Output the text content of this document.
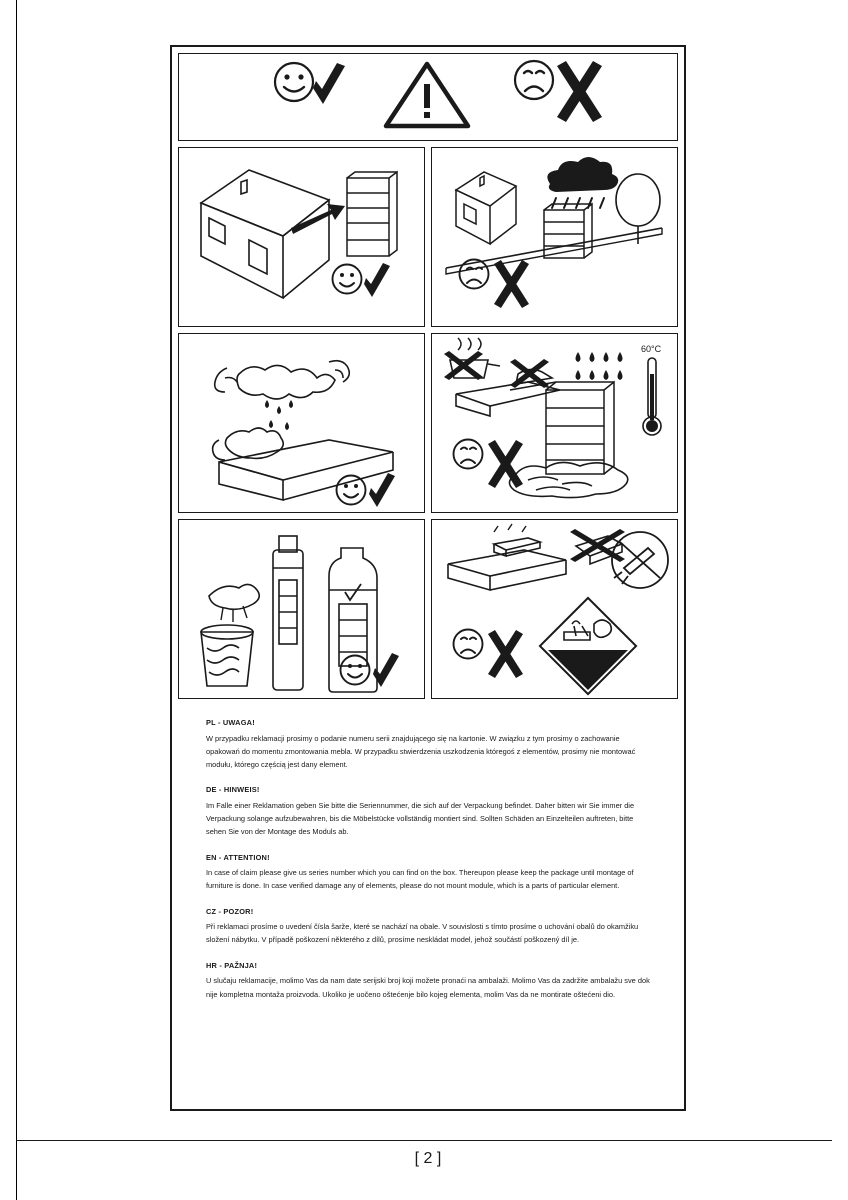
60°C
PL - UWAGA!
W przypadku reklamacji prosimy o podanie numeru serii znajdującego się na kartonie. W związku z tym prosimy o zachowanie opakowań do momentu zmontowania mebla. W przypadku stwierdzenia uszkodzenia któregoś z elementów, prosimy nie montować modułu, którego częścią jest dany element.
DE - HINWEIS!
Im Falle einer Reklamation geben Sie bitte die Seriennummer, die sich auf der Verpackung befindet. Daher bitten wir Sie immer die Verpackung solange aufzubewahren, bis die Möbelstücke vollständig montiert sind. Sollten Schäden an Einzelteilen auftreten, bitte sehen Sie von der Montage des Moduls ab.
EN - ATTENTION!
In case of claim please give us series number which you can find on the box. Thereupon please keep the package until montage of furniture is done. In case verified damage any of elements, please do not mount module, which is a parts of particular element.
CZ - POZOR!
Při reklamaci prosíme o uvedení čísla šarže, které se nachází na obale. V souvislosti s tímto prosíme o uchování obalů do okamžiku složení nábytku. V případě poškození některého z dílů, prosíme neskládat model, jehož součástí poškozený díl je.
HR - PAŽNJA!
U slučaju reklamacije, molimo Vas da nam date serijski broj koji možete pronaći na ambalaži. Molimo Vas da zadržite ambalažu sve dok nije kompletna montaža proizvoda. Ukoliko je uočeno oštećenje bilo kojeg elementa, molim Vas da ne montirate oštećeni dio.
[ 2 ]
